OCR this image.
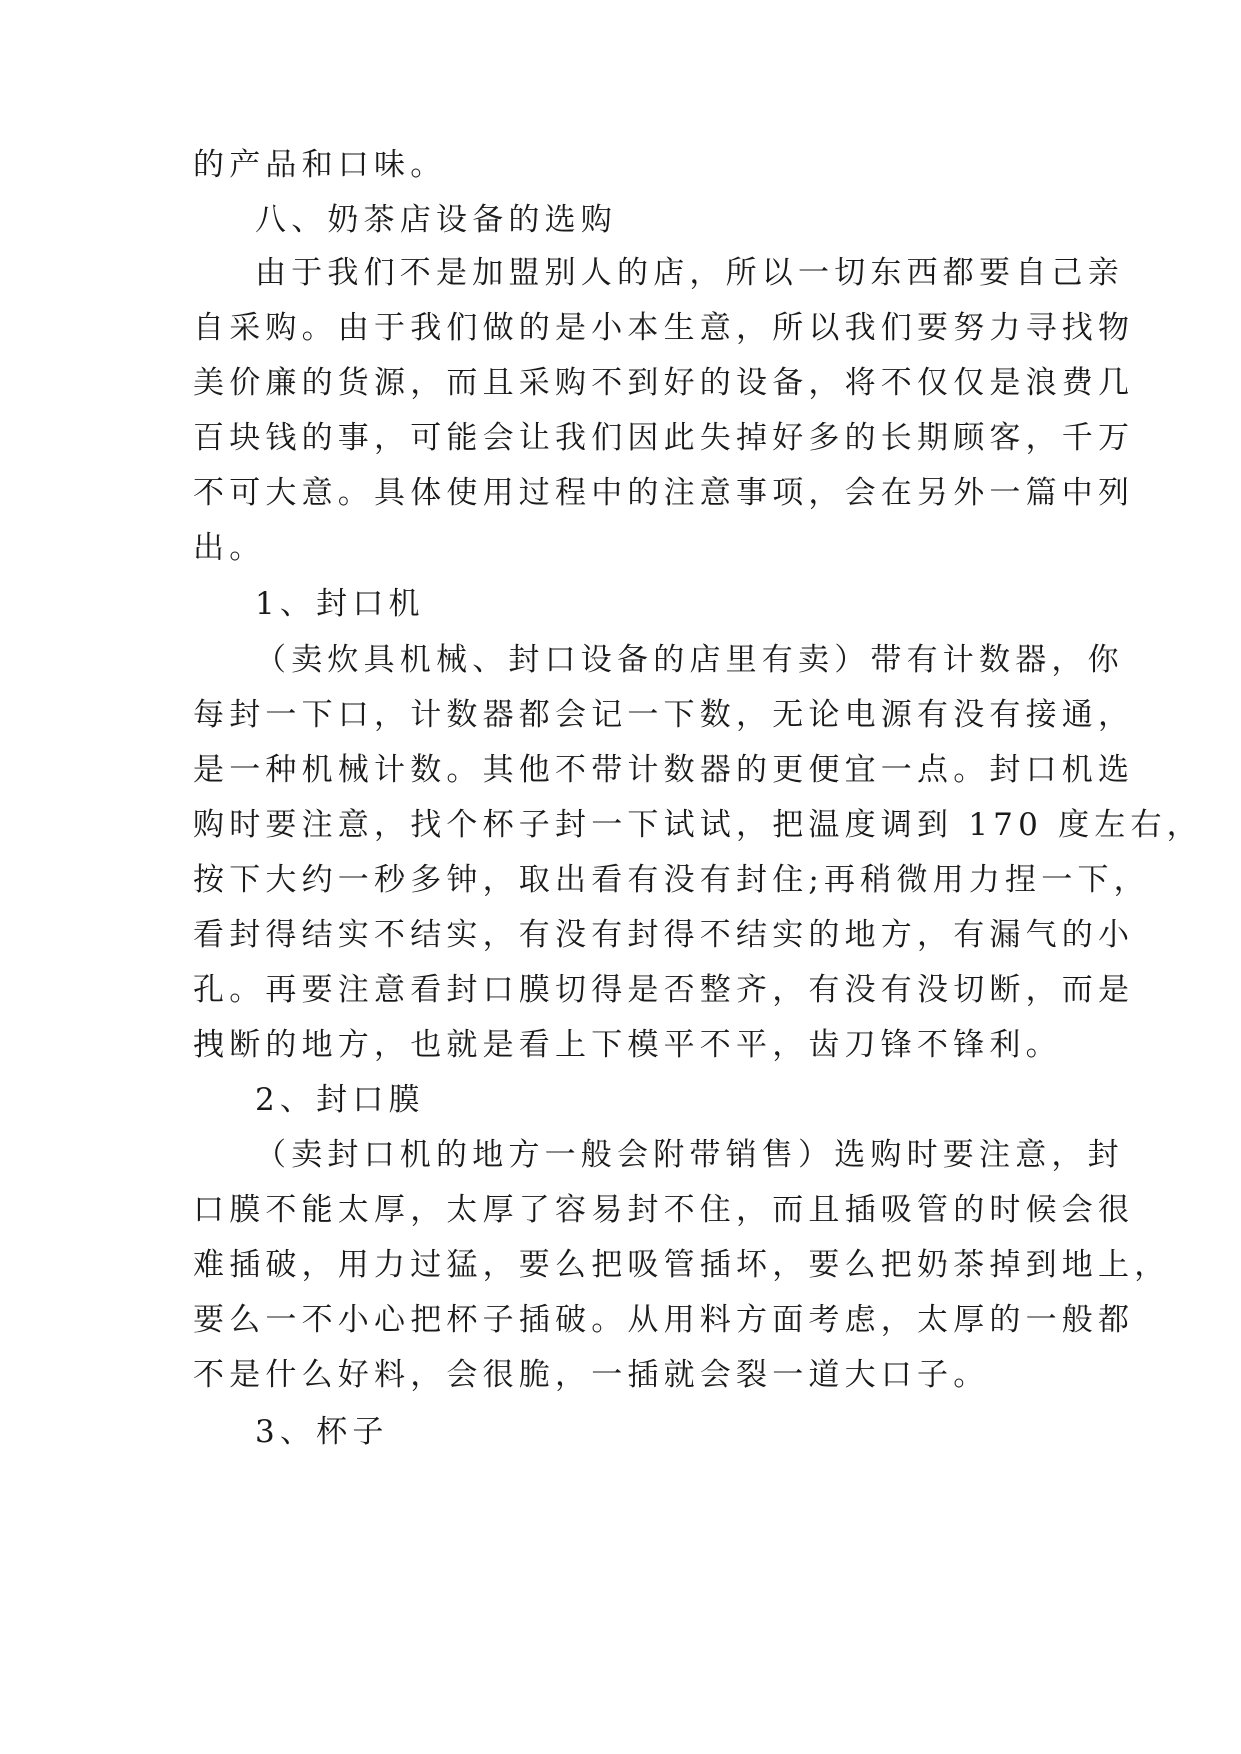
的产品和口味。
八、奶茶店设备的选购
由于我们不是加盟别人的店，所以一切东西都要自己亲
自采购。由于我们做的是小本生意，所以我们要努力寻找物
美价廉的货源，而且采购不到好的设备，将不仅仅是浪费几
百块钱的事，可能会让我们因此失掉好多的长期顾客，千万
不可大意。具体使用过程中的注意事项，会在另外一篇中列
出。
1、封口机
（卖炊具机械、封口设备的店里有卖）带有计数器，你
每封一下口，计数器都会记一下数，无论电源有没有接通，
是一种机械计数。其他不带计数器的更便宜一点。封口机选
购时要注意，找个杯子封一下试试，把温度调到 170 度左右，
按下大约一秒多钟，取出看有没有封住;再稍微用力捏一下，
看封得结实不结实，有没有封得不结实的地方，有漏气的小
孔。再要注意看封口膜切得是否整齐，有没有没切断，而是
拽断的地方，也就是看上下模平不平，齿刀锋不锋利。
2、封口膜
（卖封口机的地方一般会附带销售）选购时要注意，封
口膜不能太厚，太厚了容易封不住，而且插吸管的时候会很
难插破，用力过猛，要么把吸管插坏，要么把奶茶掉到地上，
要么一不小心把杯子插破。从用料方面考虑，太厚的一般都
不是什么好料，会很脆，一插就会裂一道大口子。
3、杯子
